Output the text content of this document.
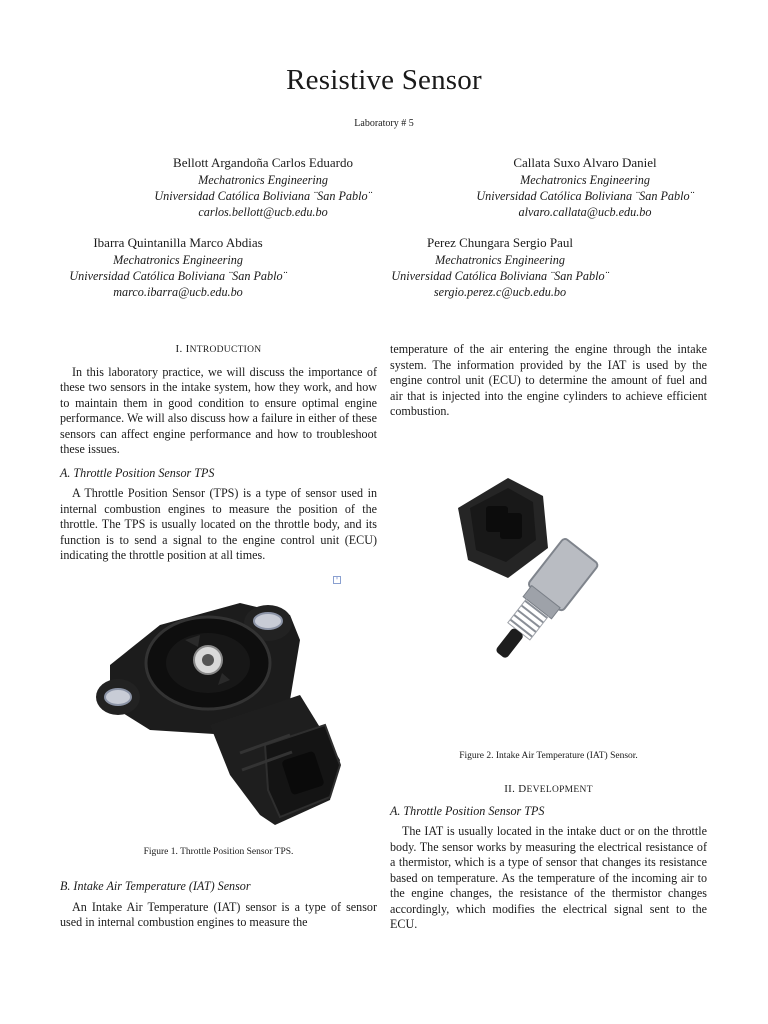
Resistive Sensor
Laboratory # 5
Bellott Argandoña Carlos Eduardo
Mechatronics Engineering
Universidad Católica Boliviana ¨San Pablo¨
carlos.bellott@ucb.edu.bo
Callata Suxo Alvaro Daniel
Mechatronics Engineering
Universidad Católica Boliviana ¨San Pablo¨
alvaro.callata@ucb.edu.bo
Ibarra Quintanilla Marco Abdias
Mechatronics Engineering
Universidad Católica Boliviana ¨San Pablo¨
marco.ibarra@ucb.edu.bo
Perez Chungara Sergio Paul
Mechatronics Engineering
Universidad Católica Boliviana ¨San Pablo¨
sergio.perez.c@ucb.edu.bo
I. INTRODUCTION

In this laboratory practice, we will discuss the importance of these two sensors in the intake system, how they work, and how to maintain them in good condition to ensure optimal engine performance. We will also discuss how a failure in either of these sensors can affect engine performance and how to troubleshoot these issues.

A. Throttle Position Sensor TPS

A Throttle Position Sensor (TPS) is a type of sensor used in internal combustion engines to measure the position of the throttle. The TPS is usually located on the throttle body, and its function is to send a signal to the engine control unit (ECU) indicating the throttle position at all times.

×
Figure 1. Throttle Position Sensor TPS.
B. Intake Air Temperature (IAT) Sensor

An Intake Air Temperature (IAT) sensor is a type of sensor used in internal combustion engines to measure the

temperature of the air entering the engine through the intake system. The information provided by the IAT is used by the engine control unit (ECU) to determine the amount of fuel and air that is injected into the engine cylinders to achieve efficient combustion.

Figure 2. Intake Air Temperature (IAT) Sensor.
II. DEVELOPMENT
A. Throttle Position Sensor TPS

The IAT is usually located in the intake duct or on the throttle body. The sensor works by measuring the electrical resistance of a thermistor, which is a type of sensor that changes its resistance based on temperature. As the temperature of the incoming air to the engine changes, the resistance of the thermistor changes accordingly, which modifies the electrical signal sent to the ECU.
